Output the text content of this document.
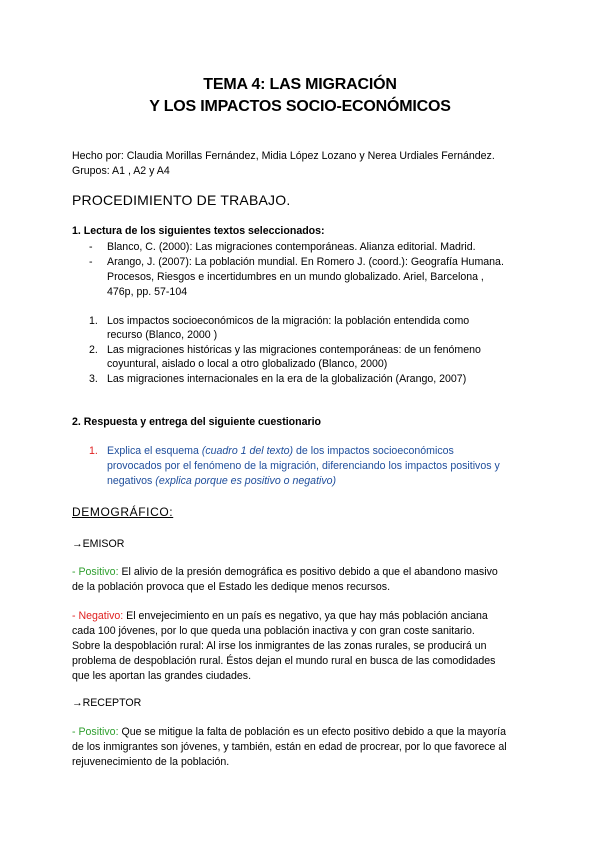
TEMA 4: LAS MIGRACIÓN
Y LOS IMPACTOS SOCIO-ECONÓMICOS
Hecho por: Claudia Morillas Fernández, Midia López Lozano y Nerea Urdiales Fernández.
Grupos: A1 , A2 y A4
PROCEDIMIENTO DE TRABAJO.
1. Lectura de los siguientes textos seleccionados:
- Blanco, C. (2000): Las migraciones contemporáneas. Alianza editorial. Madrid.
- Arango, J. (2007): La población mundial. En Romero J. (coord.): Geografía Humana.
Procesos, Riesgos e incertidumbres en un mundo globalizado. Ariel, Barcelona ,
476p, pp. 57-104
1. Los impactos socioeconómicos de la migración: la población entendida como
recurso (Blanco, 2000 )
2. Las migraciones históricas y las migraciones contemporáneas: de un fenómeno
coyuntural, aislado o local a otro globalizado (Blanco, 2000)
3. Las migraciones internacionales en la era de la globalización (Arango, 2007)
2. Respuesta y entrega del siguiente cuestionario
1. Explica el esquema (cuadro 1 del texto) de los impactos socioeconómicos
provocados por el fenómeno de la migración, diferenciando los impactos positivos y
negativos (explica porque es positivo o negativo)
DEMOGRÁFICO:
→EMISOR
- Positivo: El alivio de la presión demográfica es positivo debido a que el abandono masivo
de la población provoca que el Estado les dedique menos recursos.
- Negativo: El envejecimiento en un país es negativo, ya que hay más población anciana
cada 100 jóvenes, por lo que queda una población inactiva y con gran coste sanitario.
Sobre la despoblación rural: Al irse los inmigrantes de las zonas rurales, se producirá un
problema de despoblación rural. Éstos dejan el mundo rural en busca de las comodidades
que les aportan las grandes ciudades.
→RECEPTOR
- Positivo: Que se mitigue la falta de población es un efecto positivo debido a que la mayoría
de los inmigrantes son jóvenes, y también, están en edad de procrear, por lo que favorece al
rejuvenecimiento de la población.
